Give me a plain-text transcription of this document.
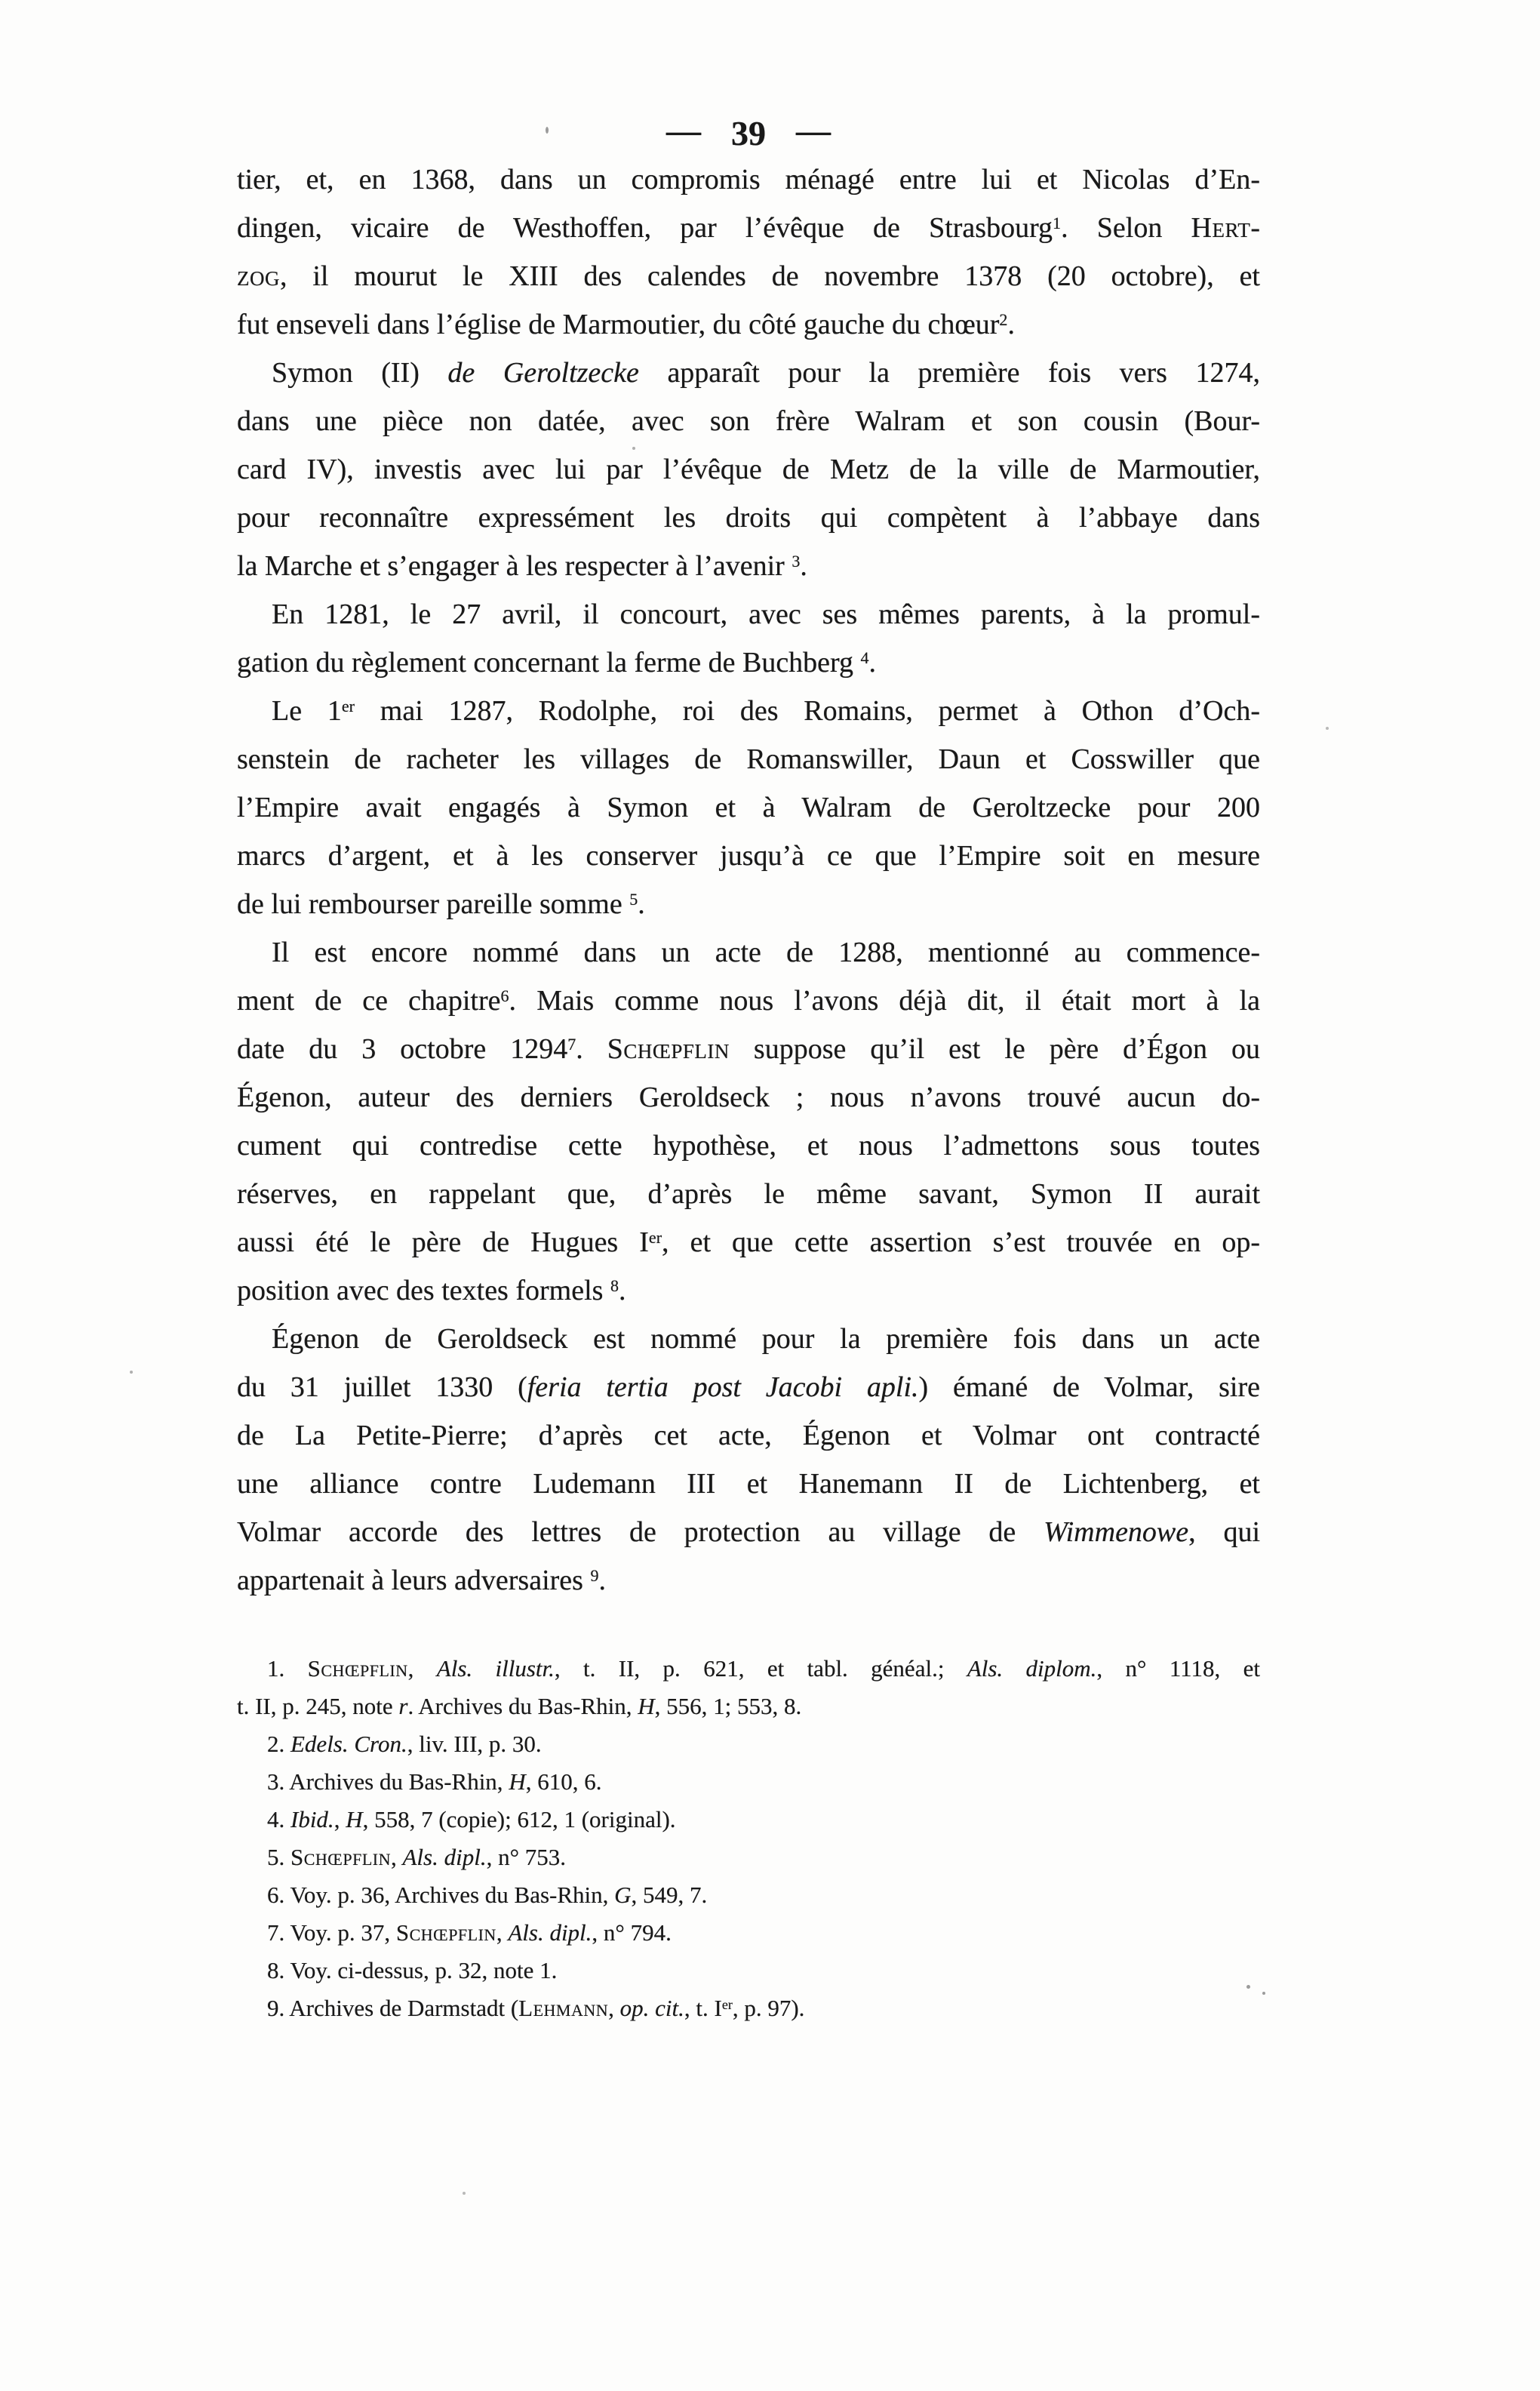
— 39 —
tier, et, en 1368, dans un compromis ménagé entre lui et Nicolas d’En-
dingen, vicaire de Westhoffen, par l’évêque de Strasbourg$^1$. Selon Hert-
zog, il mourut le XIII des calendes de novembre 1378 (20 octobre), et
fut enseveli dans l’église de Marmoutier, du côté gauche du chœur$^2$.
Symon (II) de Geroltzecke apparaît pour la première fois vers 1274,
dans une pièce non datée, avec son frère Walram et son cousin (Bour-
card IV), investis avec lui par l’évêque de Metz de la ville de Marmoutier,
pour reconnaître expressément les droits qui compètent à l’abbaye dans
la Marche et s’engager à les respecter à l’avenir $^3$.
En 1281, le 27 avril, il concourt, avec ses mêmes parents, à la promul-
gation du règlement concernant la ferme de Buchberg $^4$.
Le 1er mai 1287, Rodolphe, roi des Romains, permet à Othon d’Och-
senstein de racheter les villages de Romanswiller, Daun et Cosswiller que
l’Empire avait engagés à Symon et à Walram de Geroltzecke pour 200
marcs d’argent, et à les conserver jusqu’à ce que l’Empire soit en mesure
de lui rembourser pareille somme $^5$.
Il est encore nommé dans un acte de 1288, mentionné au commence-
ment de ce chapitre$^6$. Mais comme nous l’avons déjà dit, il était mort à la
date du 3 octobre 1294$^7$. Schœpflin suppose qu’il est le père d’Égon ou
Égenon, auteur des derniers Geroldseck ; nous n’avons trouvé aucun do-
cument qui contredise cette hypothèse, et nous l’admettons sous toutes
réserves, en rappelant que, d’après le même savant, Symon II aurait
aussi été le père de Hugues Ier, et que cette assertion s’est trouvée en op-
position avec des textes formels $^8$.
Égenon de Geroldseck est nommé pour la première fois dans un acte
du 31 juillet 1330 (feria tertia post Jacobi apli.) émané de Volmar, sire
de La Petite-Pierre; d’après cet acte, Égenon et Volmar ont contracté
une alliance contre Ludemann III et Hanemann II de Lichtenberg, et
Volmar accorde des lettres de protection au village de Wimmenowe, qui
appartenait à leurs adversaires $^9$.
1. Schœpflin, Als. illustr., t. II, p. 621, et tabl. généal.; Als. diplom., n° 1118, et
t. II, p. 245, note r. Archives du Bas-Rhin, H, 556, 1; 553, 8.
2. Edels. Cron., liv. III, p. 30.
3. Archives du Bas-Rhin, H, 610, 6.
4. Ibid., H, 558, 7 (copie); 612, 1 (original).
5. Schœpflin, Als. dipl., n° 753.
6. Voy. p. 36, Archives du Bas-Rhin, G, 549, 7.
7. Voy. p. 37, Schœpflin, Als. dipl., n° 794.
8. Voy. ci-dessus, p. 32, note 1.
9. Archives de Darmstadt (Lehmann, op. cit., t. Ier, p. 97).
